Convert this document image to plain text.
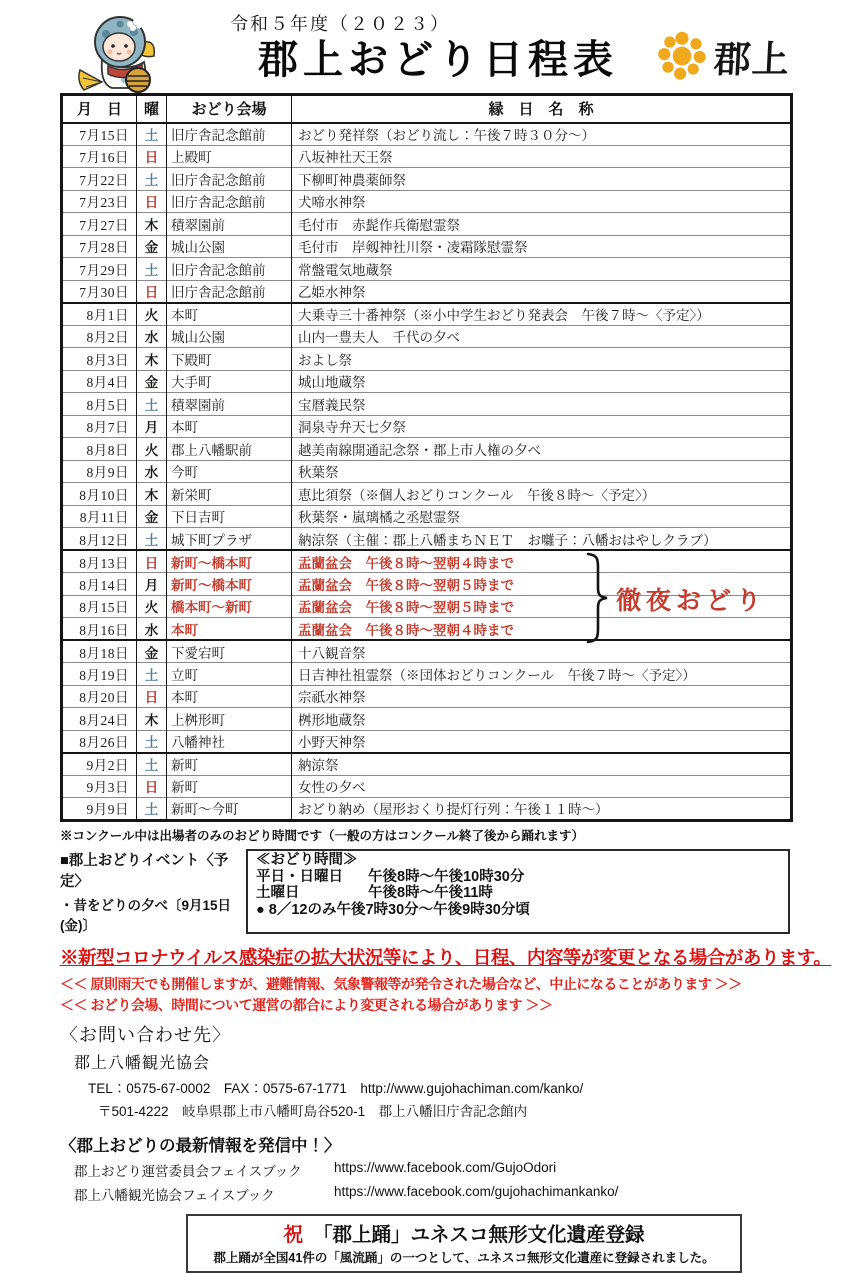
令和５年度（２０２３）
郡上おどり日程表	郡上
月　日	曜	おどり会場	縁　日　名　称
7月15日	土	旧庁舎記念館前	おどり発祥祭（おどり流し：午後７時３０分～）
7月16日	日	上殿町	八坂神社天王祭
7月22日	土	旧庁舎記念館前	下柳町神農薬師祭
7月23日	日	旧庁舎記念館前	犬啼水神祭
7月27日	木	積翠園前	毛付市　赤髭作兵衛慰霊祭
7月28日	金	城山公園	毛付市　岸剱神社川祭・凌霜隊慰霊祭
7月29日	土	旧庁舎記念館前	常盤電気地蔵祭
7月30日	日	旧庁舎記念館前	乙姫水神祭
8月1日	火	本町	大乗寺三十番神祭（※小中学生おどり発表会　午後７時～〈予定〉）
8月2日	水	城山公園	山内一豊夫人　千代の夕べ
8月3日	木	下殿町	およし祭
8月4日	金	大手町	城山地蔵祭
8月5日	土	積翠園前	宝暦義民祭
8月7日	月	本町	洞泉寺弁天七夕祭
8月8日	火	郡上八幡駅前	越美南線開通記念祭・郡上市人権の夕べ
8月9日	水	今町	秋葉祭
8月10日	木	新栄町	恵比須祭（※個人おどりコンクール　午後８時～〈予定〉）
8月11日	金	下日吉町	秋葉祭・嵐璃橘之丞慰霊祭
8月12日	土	城下町プラザ	納涼祭（主催：郡上八幡まちＮＥＴ　お囃子：八幡おはやしクラブ）
8月13日	日	新町～橋本町	盂蘭盆会　午後８時～翌朝４時まで
8月14日	月	新町～橋本町	盂蘭盆会　午後８時～翌朝５時まで
8月15日	火	橋本町～新町	盂蘭盆会　午後８時～翌朝５時まで
8月16日	水	本町	盂蘭盆会　午後８時～翌朝４時まで
8月18日	金	下愛宕町	十八観音祭
8月19日	土	立町	日吉神社祖霊祭（※団体おどりコンクール　午後７時～〈予定〉）
8月20日	日	本町	宗祇水神祭
8月24日	木	上桝形町	桝形地蔵祭
8月26日	土	八幡神社	小野天神祭
9月2日	土	新町	納涼祭
9月3日	日	新町	女性の夕べ
9月9日	土	新町～今町	おどり納め（屋形おくり提灯行列：午後１１時～）
徹夜おどり
※コンクール中は出場者のみのおどり時間です（一般の方はコンクール終了後から踊れます）
■郡上おどりイベント〈予定〉
・昔をどりの夕べ〔9月15日(金)〕
≪おどり時間≫
平日・日曜日	午後8時～午後10時30分
土曜日	午後8時～午後11時
● 8／12のみ午後7時30分～午後9時30分頃
※新型コロナウイルス感染症の拡大状況等により、日程、内容等が変更となる場合があります。
＜＜ 原則雨天でも開催しますが、避難情報、気象警報等が発令された場合など、中止になることがあります ＞＞
＜＜ おどり会場、時間について運営の都合により変更される場合があります ＞＞
〈お問い合わせ先〉
郡上八幡観光協会
TEL：0575-67-0002　FAX：0575-67-1771　http://www.gujohachiman.com/kanko/
〒501-4222　岐阜県郡上市八幡町島谷520-1　郡上八幡旧庁舎記念館内
〈郡上おどりの最新情報を発信中！〉
郡上おどり運営委員会フェイスブック	https://www.facebook.com/GujoOdori
郡上八幡観光協会フェイスブック	https://www.facebook.com/gujohachimankanko/
祝 「郡上踊」ユネスコ無形文化遺産登録
郡上踊が全国41件の「風流踊」の一つとして、ユネスコ無形文化遺産に登録されました。
